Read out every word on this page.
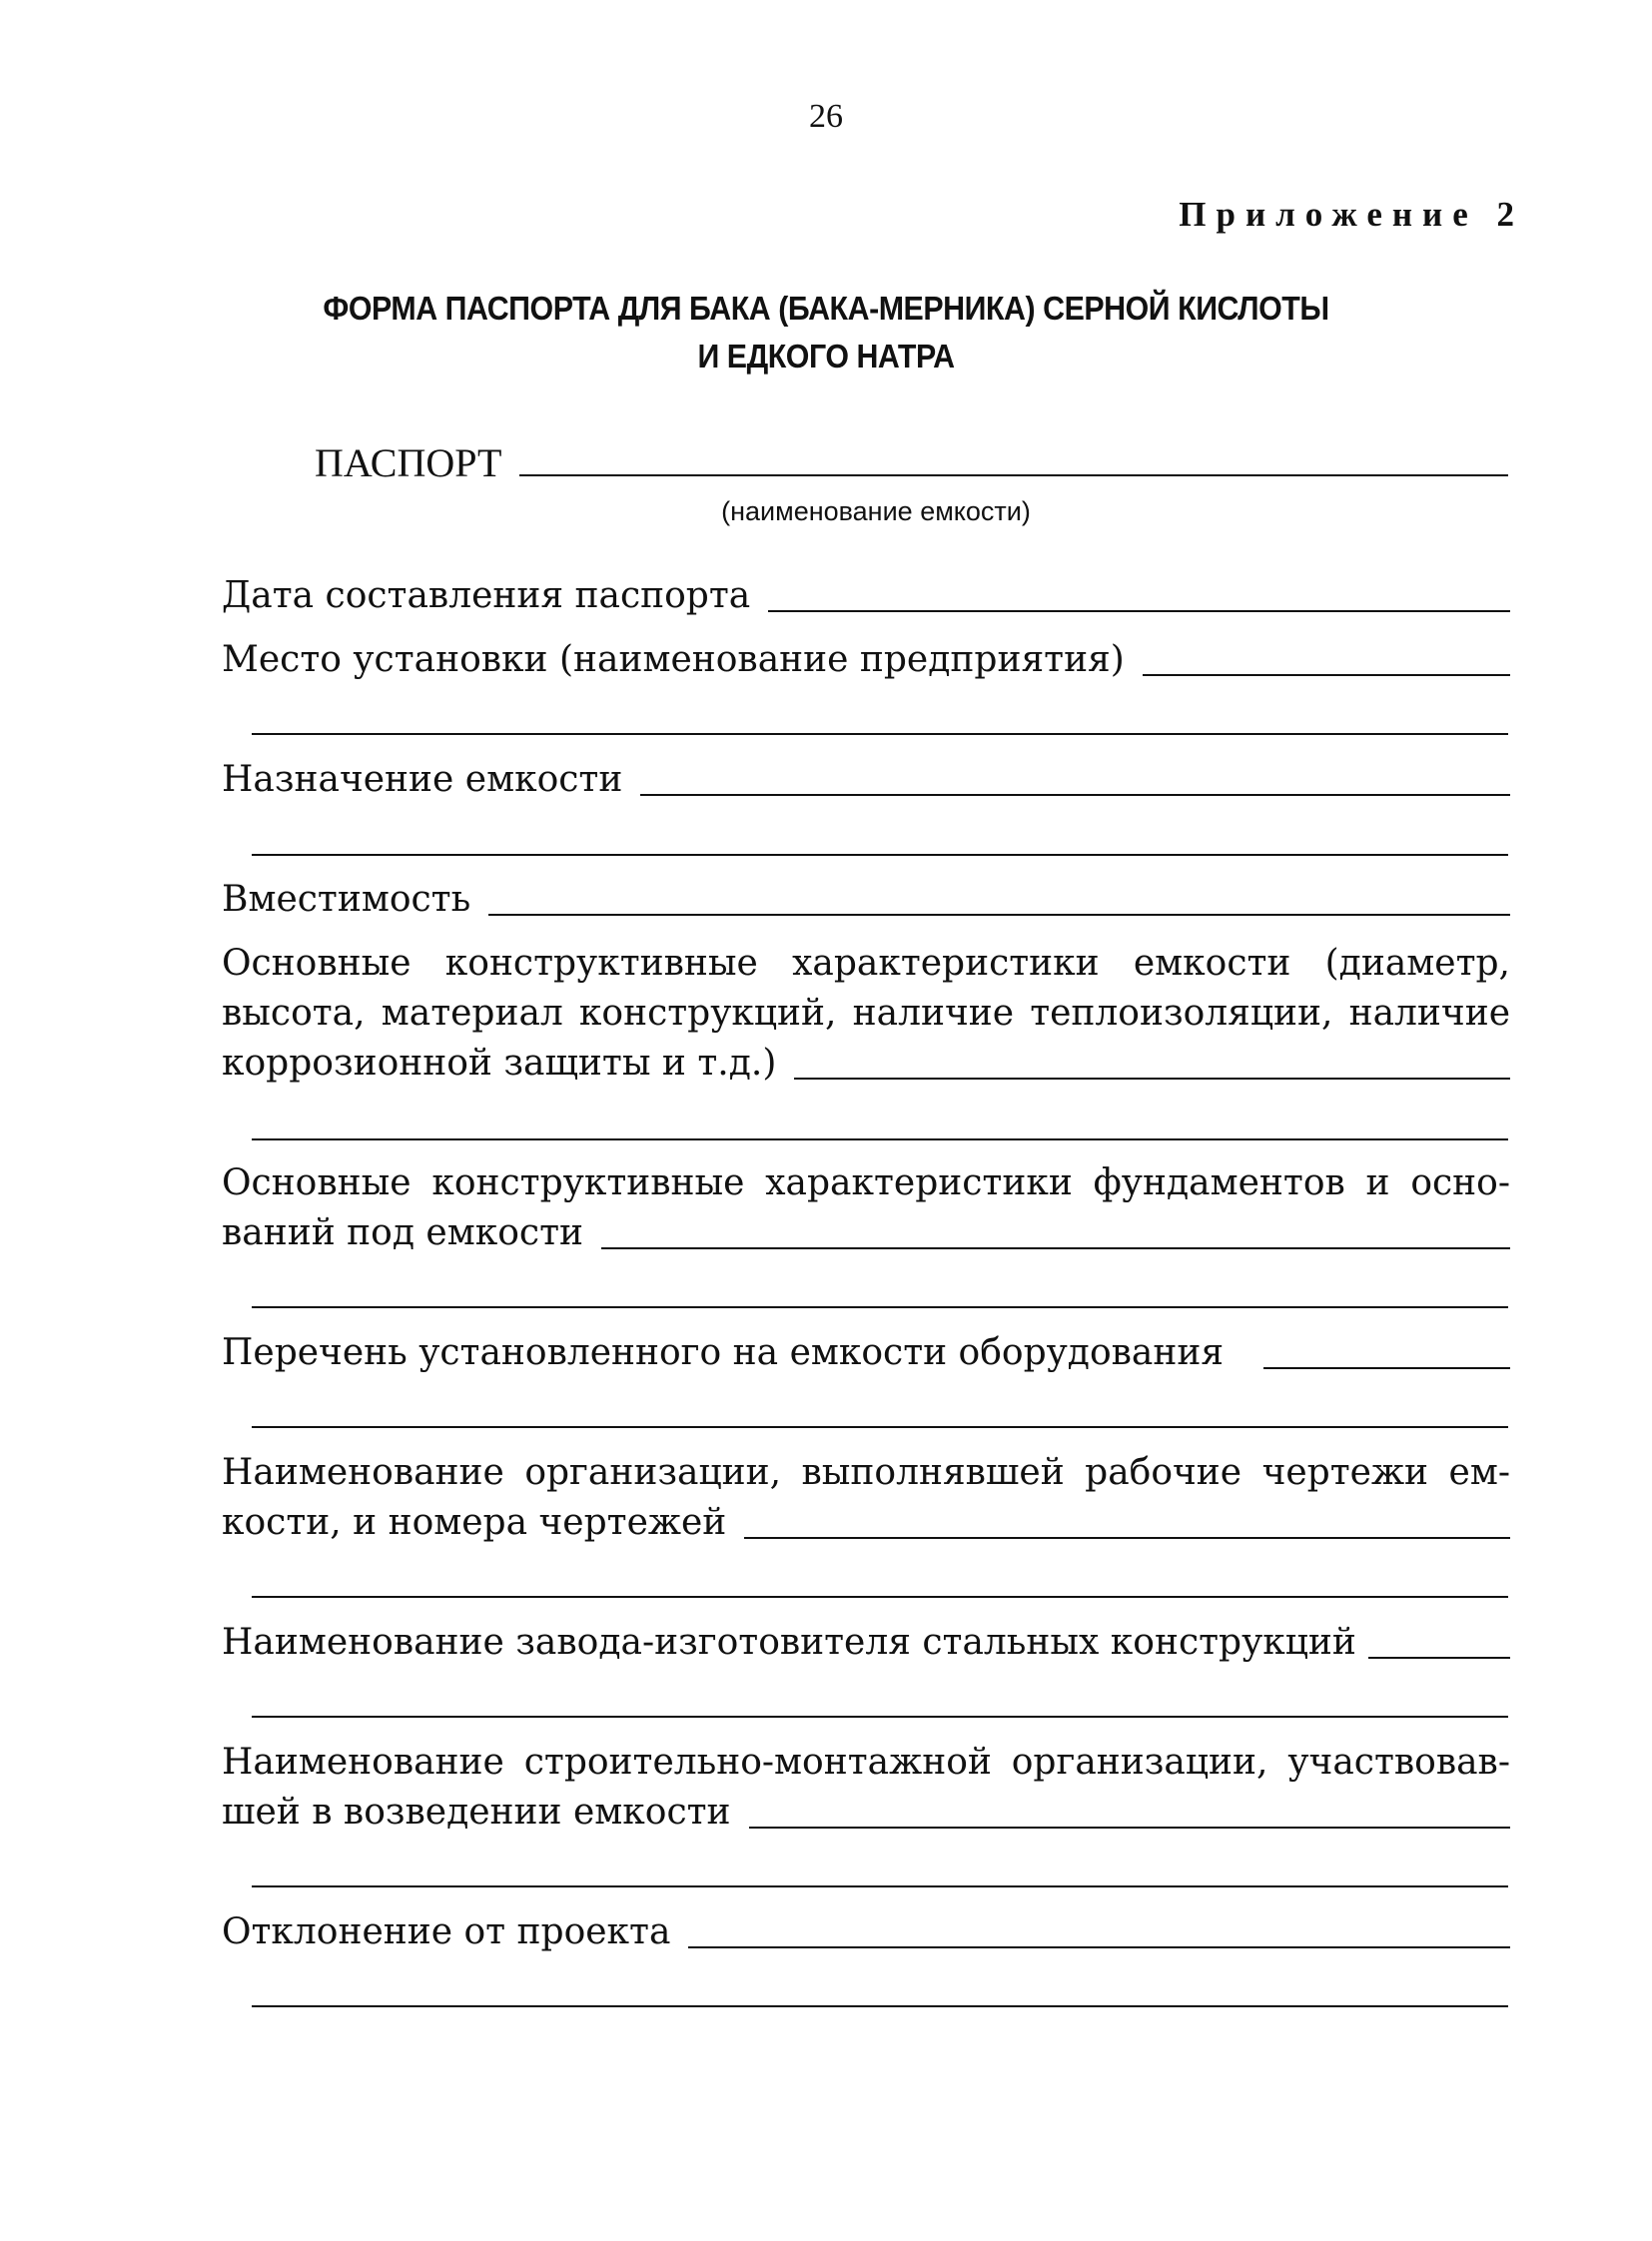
26
Приложение 2
ФОРМА ПАСПОРТА ДЛЯ БАКА (БАКА-МЕРНИКА) СЕРНОЙ КИСЛОТЫ
И ЕДКОГО НАТРА
ПАСПОРТ
(наименование емкости)
Дата составления паспорта
Место установки (наименование предприятия)
Назначение емкости
Вместимость
Основные конструктивные характеристики емкости (диаметр,
высота, материал конструкций, наличие теплоизоляции, наличие
коррозионной защиты и т.д.)
Основные конструктивные характеристики фундаментов и осно-
ваний под емкости
Перечень установленного на емкости оборудования
Наименование организации, выполнявшей рабочие чертежи ем-
кости, и номера чертежей
Наименование завода-изготовителя стальных конструкций
Наименование строительно-монтажной организации, участвовав-
шей в возведении емкости
Отклонение от проекта
